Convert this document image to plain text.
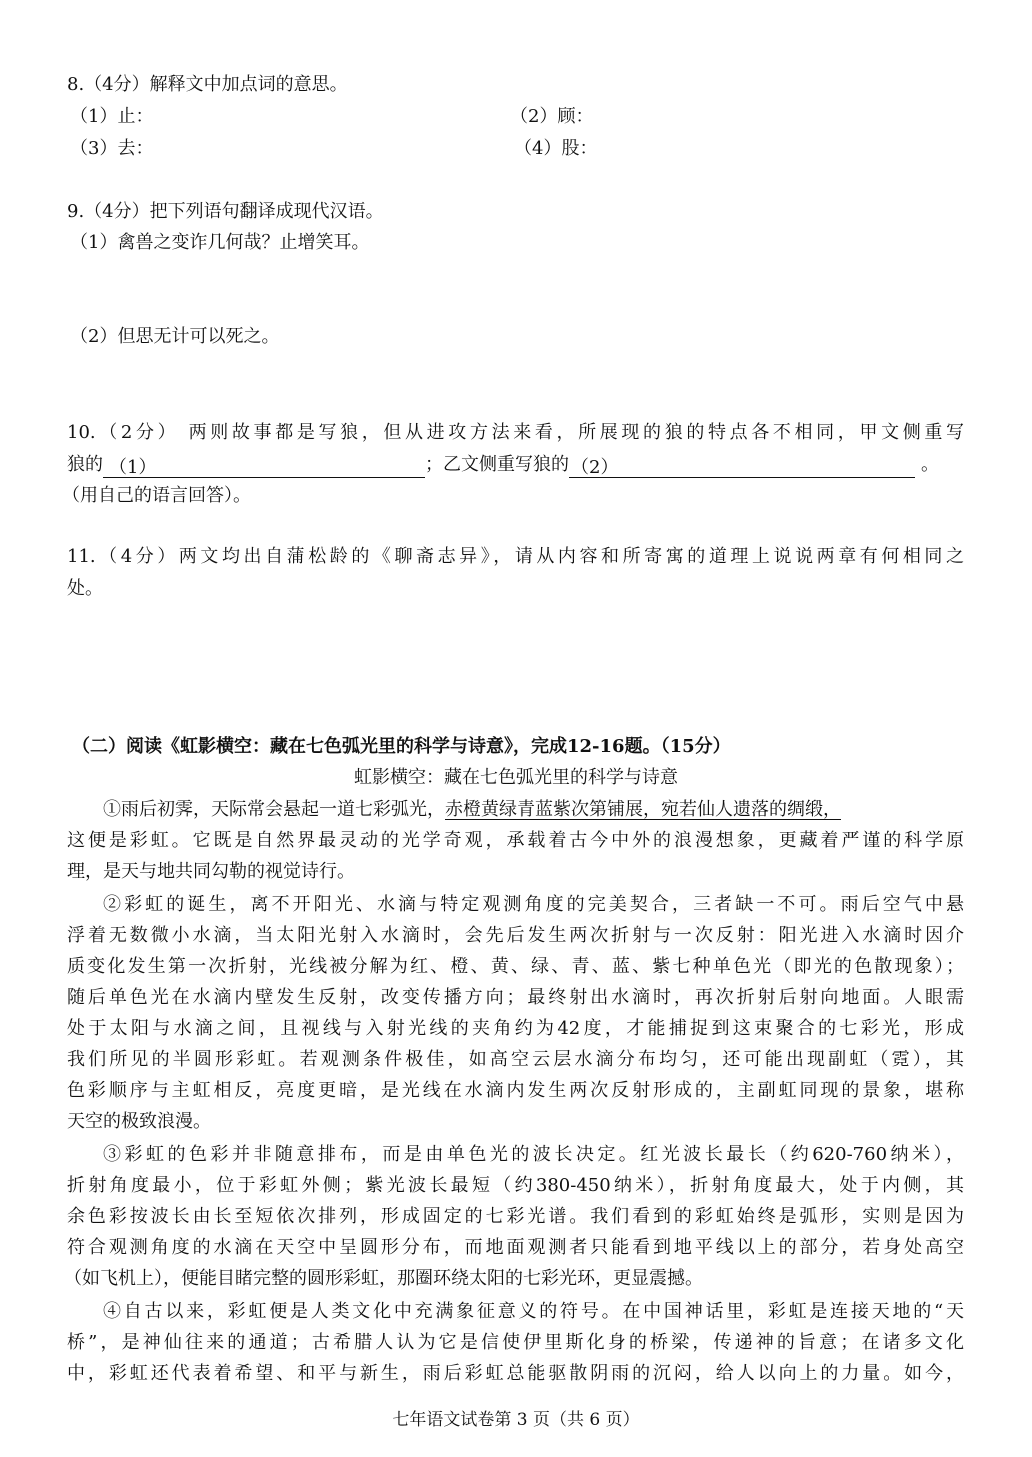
8.（4分）解释文中加点词的意思。
（1）止：	（2）顾：
（3）去：	（4）股：
9.（4分）把下列语句翻译成现代汉语。
（1）禽兽之变诈几何哉？止增笑耳。
（2）但思无计可以死之。
10.（2分） 两则故事都是写狼，但从进攻方法来看，所展现的狼的特点各不相同，甲文侧重写
狼的 （1）	；乙文侧重写狼的 （2）	。
（用自己的语言回答）。
11.（4分）两文均出自蒲松龄的《聊斋志异》，请从内容和所寄寓的道理上说说两章有何相同之
处。
（二）阅读《虹影横空：藏在七色弧光里的科学与诗意》，完成12-16题。（15分）
虹影横空：藏在七色弧光里的科学与诗意
①雨后初霁，天际常会悬起一道七彩弧光，赤橙黄绿青蓝紫次第铺展，宛若仙人遗落的绸缎，
这便是彩虹。它既是自然界最灵动的光学奇观，承载着古今中外的浪漫想象，更藏着严谨的科学原
理，是天与地共同勾勒的视觉诗行。
②彩虹的诞生，离不开阳光、水滴与特定观测角度的完美契合，三者缺一不可。雨后空气中悬
浮着无数微小水滴，当太阳光射入水滴时，会先后发生两次折射与一次反射：阳光进入水滴时因介
质变化发生第一次折射，光线被分解为红、橙、黄、绿、青、蓝、紫七种单色光（即光的色散现象）；
随后单色光在水滴内壁发生反射，改变传播方向；最终射出水滴时，再次折射后射向地面。人眼需
处于太阳与水滴之间，且视线与入射光线的夹角约为42度，才能捕捉到这束聚合的七彩光，形成
我们所见的半圆形彩虹。若观测条件极佳，如高空云层水滴分布均匀，还可能出现副虹（霓），其
色彩顺序与主虹相反，亮度更暗，是光线在水滴内发生两次反射形成的，主副虹同现的景象，堪称
天空的极致浪漫。
③彩虹的色彩并非随意排布，而是由单色光的波长决定。红光波长最长（约620-760纳米），
折射角度最小，位于彩虹外侧；紫光波长最短（约380-450纳米），折射角度最大，处于内侧，其
余色彩按波长由长至短依次排列，形成固定的七彩光谱。我们看到的彩虹始终是弧形，实则是因为
符合观测角度的水滴在天空中呈圆形分布，而地面观测者只能看到地平线以上的部分，若身处高空
（如飞机上），便能目睹完整的圆形彩虹，那圈环绕太阳的七彩光环，更显震撼。
④自古以来，彩虹便是人类文化中充满象征意义的符号。在中国神话里，彩虹是连接天地的“天
桥”，是神仙往来的通道；古希腊人认为它是信使伊里斯化身的桥梁，传递神的旨意；在诸多文化
中，彩虹还代表着希望、和平与新生，雨后彩虹总能驱散阴雨的沉闷，给人以向上的力量。如今，
七年语文试卷第 3 页（共 6 页）
